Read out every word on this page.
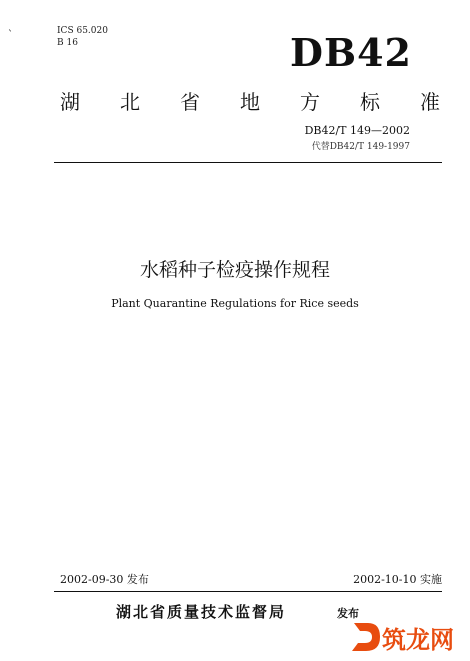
`	ICS 65.020
B 16	DB42
湖 北 省 地 方 标 准
DB42/T 149—2002
代替DB42/T 149-1997
水稻种子检疫操作规程
Plant Quarantine Regulations for Rice seeds
2002-09-30 发布	2002-10-10 实施
湖北省质量技术监督局	发布
筑龙网
